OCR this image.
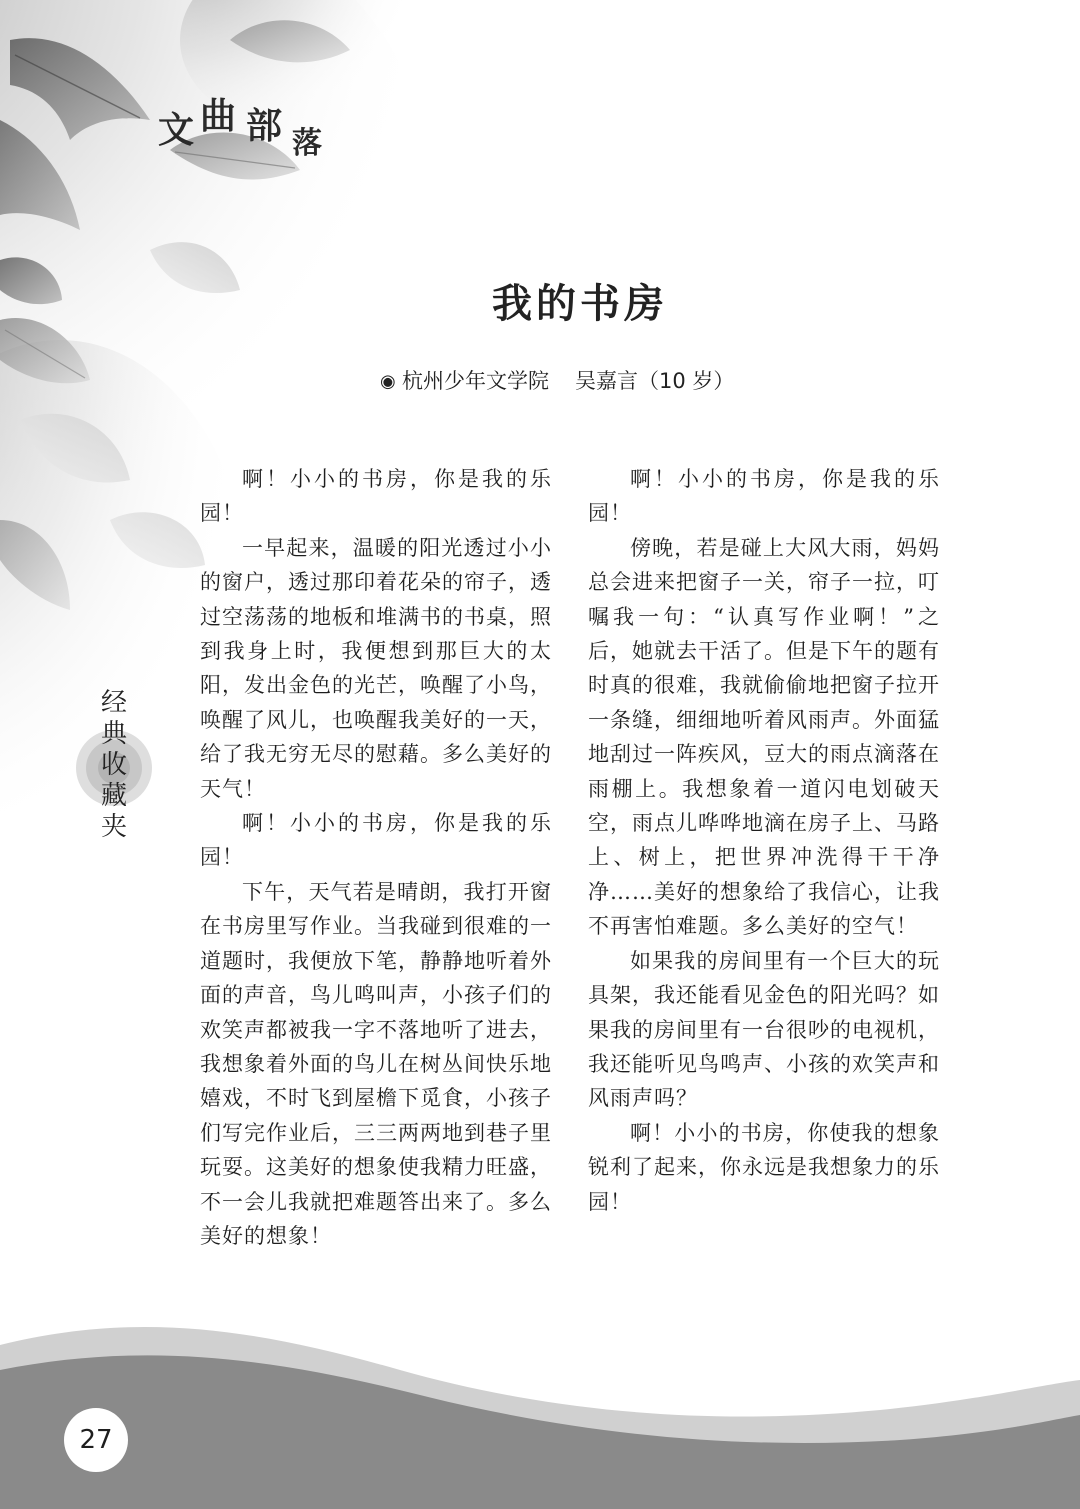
文 曲 部 落
我的书房
◉ 杭州少年文学院 吴嘉言（10 岁）
经
典
收
藏
夹

啊！小小的书房，你是我的乐园！

一早起来，温暖的阳光透过小小的窗户，透过那印着花朵的帘子，透过空荡荡的地板和堆满书的书桌，照到我身上时，我便想到那巨大的太阳，发出金色的光芒，唤醒了小鸟，唤醒了风儿，也唤醒我美好的一天，给了我无穷无尽的慰藉。多么美好的天气！

啊！小小的书房，你是我的乐园！

下午，天气若是晴朗，我打开窗在书房里写作业。当我碰到很难的一道题时，我便放下笔，静静地听着外面的声音，鸟儿鸣叫声，小孩子们的欢笑声都被我一字不落地听了进去，我想象着外面的鸟儿在树丛间快乐地嬉戏，不时飞到屋檐下觅食，小孩子们写完作业后，三三两两地到巷子里玩耍。这美好的想象使我精力旺盛，不一会儿我就把难题答出来了。多么美好的想象！

啊！小小的书房，你是我的乐园！

傍晚，若是碰上大风大雨，妈妈总会进来把窗子一关，帘子一拉，叮嘱我一句：“认真写作业啊！”之后，她就去干活了。但是下午的题有时真的很难，我就偷偷地把窗子拉开一条缝，细细地听着风雨声。外面猛地刮过一阵疾风，豆大的雨点滴落在雨棚上。我想象着一道闪电划破天空，雨点儿哗哗地滴在房子上、马路上、树上，把世界冲洗得干干净净……美好的想象给了我信心，让我不再害怕难题。多么美好的空气！

如果我的房间里有一个巨大的玩具架，我还能看见金色的阳光吗？如果我的房间里有一台很吵的电视机，我还能听见鸟鸣声、小孩的欢笑声和风雨声吗？

啊！小小的书房，你使我的想象锐利了起来，你永远是我想象力的乐园！

27
